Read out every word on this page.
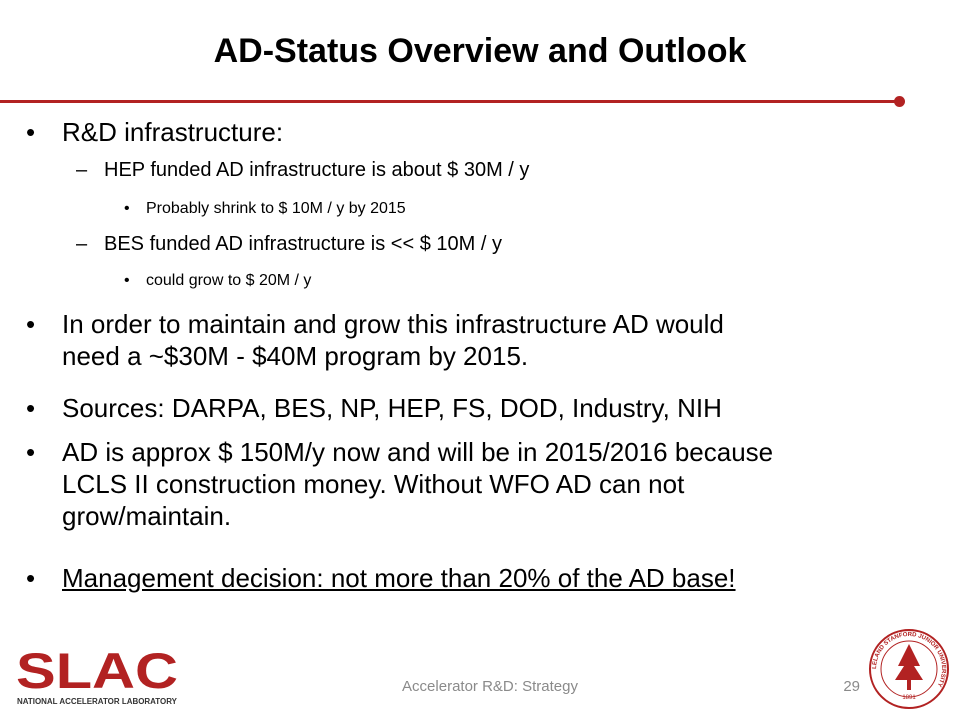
AD-Status Overview and Outlook
• R&D infrastructure:
– HEP funded AD infrastructure is about $ 30M / y
• Probably shrink to $ 10M / y by 2015
– BES funded AD infrastructure is << $ 10M / y
• could grow to $ 20M / y
• In order to maintain and grow this infrastructure AD would
need a ~$30M - $40M program by 2015.
• Sources: DARPA, BES, NP, HEP, FS, DOD, Industry, NIH
• AD is approx $ 150M/y now and will be in 2015/2016 because
LCLS II construction money. Without WFO AD can not
grow/maintain.
• Management decision: not more than 20% of the AD base!
SLAC
NATIONAL ACCELERATOR LABORATORY
Accelerator R&D: Strategy	29
LELAND STANFORD JUNIOR UNIVERSITY
1891
